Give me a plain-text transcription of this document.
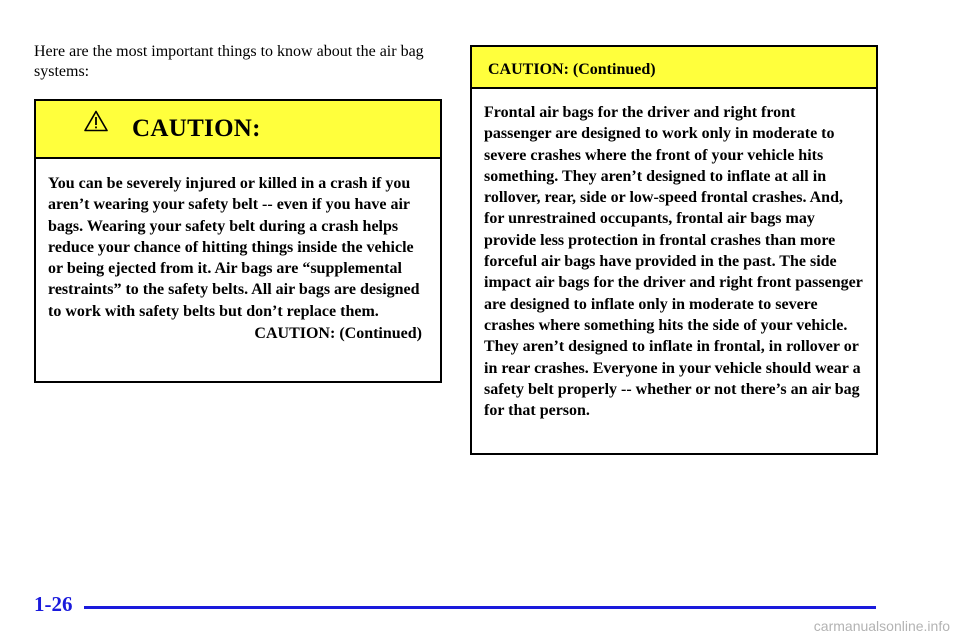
Here are the most important things to know about the air bag systems:
CAUTION:
You can be severely injured or killed in a crash if you aren’t wearing your safety belt -- even if you have air bags. Wearing your safety belt during a crash helps reduce your chance of hitting things inside the vehicle or being ejected from it. Air bags are “supplemental restraints” to the safety belts. All air bags are designed to work with safety belts but don’t replace them.
CAUTION: (Continued)
CAUTION: (Continued)
Frontal air bags for the driver and right front passenger are designed to work only in moderate to severe crashes where the front of your vehicle hits something. They aren’t designed to inflate at all in rollover, rear, side or low-speed frontal crashes. And, for unrestrained occupants, frontal air bags may provide less protection in frontal crashes than more forceful air bags have provided in the past. The side impact air bags for the driver and right front passenger are designed to inflate only in moderate to severe crashes where something hits the side of your vehicle. They aren’t designed to inflate in frontal, in rollover or in rear crashes. Everyone in your vehicle should wear a safety belt properly -- whether or not there’s an air bag for that person.
1-26
carmanualsonline.info
